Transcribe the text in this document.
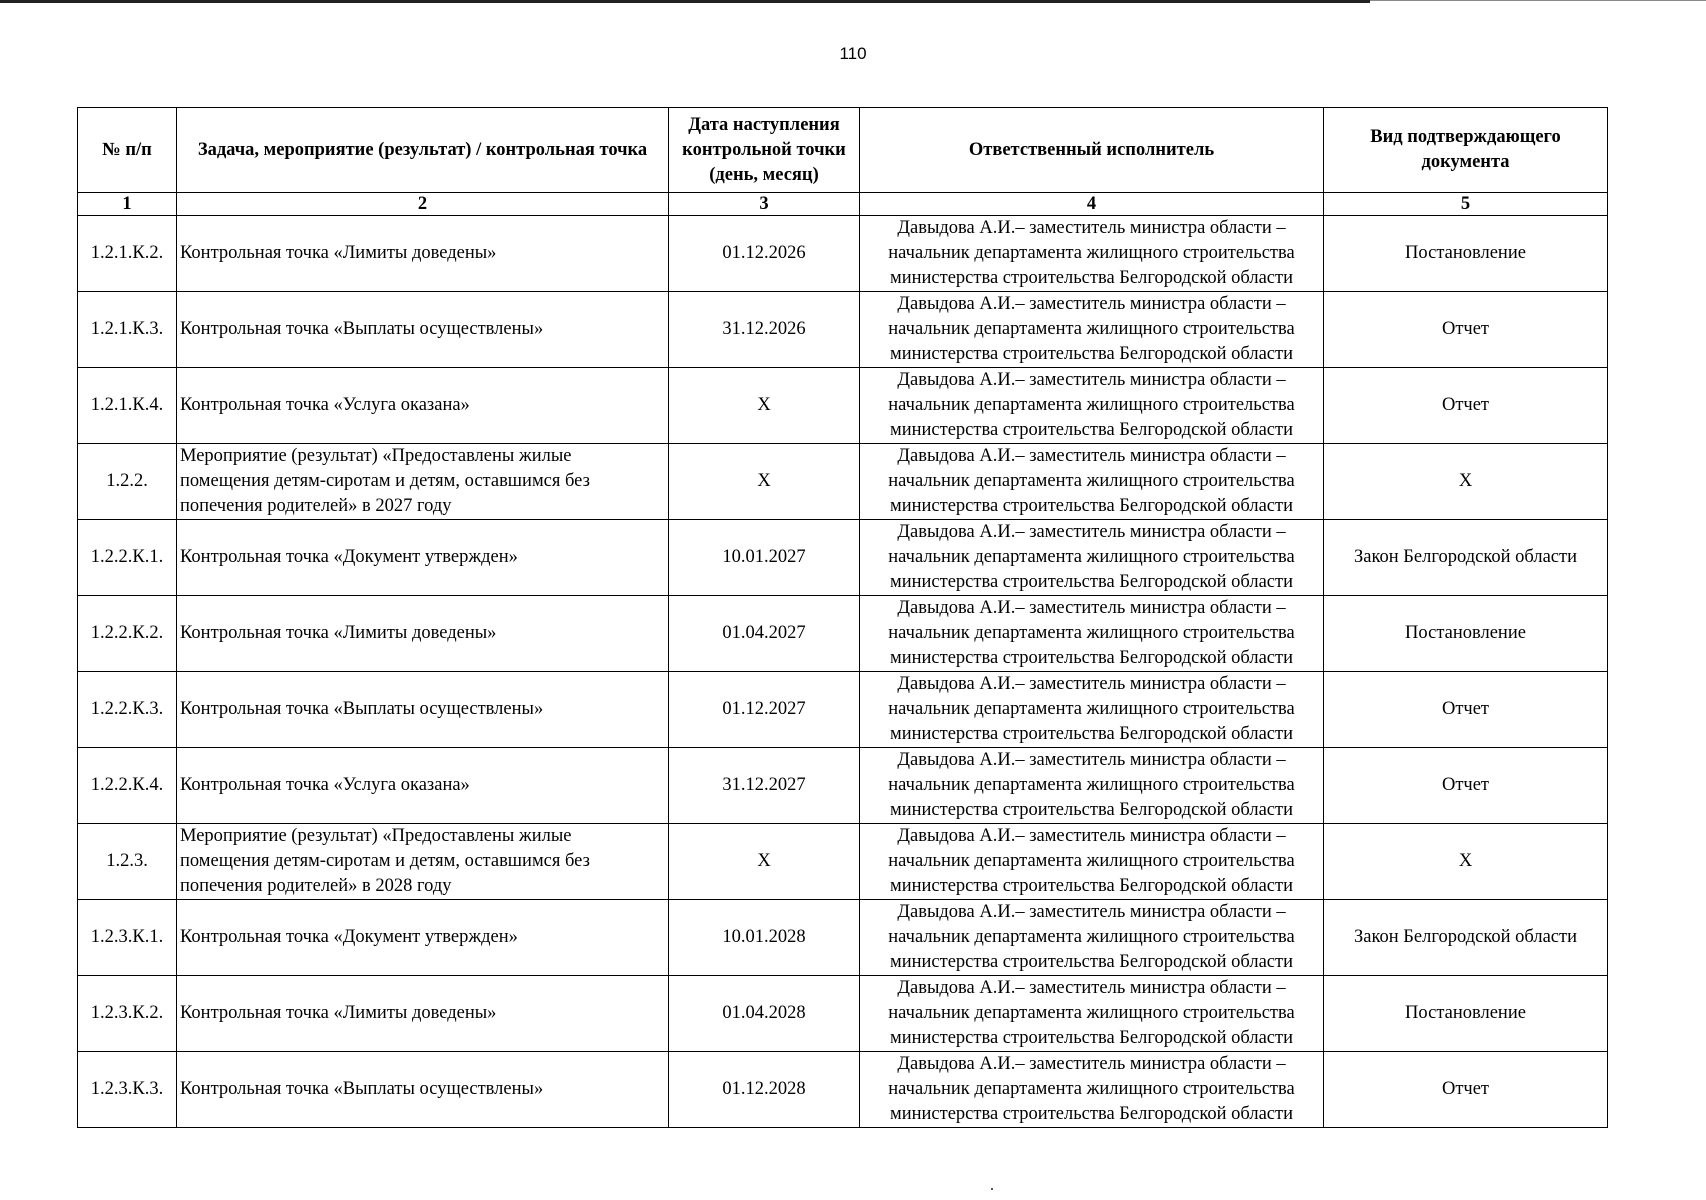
110
№ п/п	Задача, мероприятие (результат) / контрольная точка	Дата наступления контрольной точки (день, месяц)	Ответственный исполнитель	Вид подтверждающего документа
1	2	3	4	5
1.2.1.К.2.	Контрольная точка «Лимиты доведены»	01.12.2026	Давыдова А.И.– заместитель министра области – начальник департамента жилищного строительства министерства строительства Белгородской области	Постановление
1.2.1.К.3.	Контрольная точка «Выплаты осуществлены»	31.12.2026	Давыдова А.И.– заместитель министра области – начальник департамента жилищного строительства министерства строительства Белгородской области	Отчет
1.2.1.К.4.	Контрольная точка «Услуга оказана»	X	Давыдова А.И.– заместитель министра области – начальник департамента жилищного строительства министерства строительства Белгородской области	Отчет
1.2.2.	Мероприятие (результат) «Предоставлены жилые помещения детям-сиротам и детям, оставшимся без попечения родителей» в 2027 году	X	Давыдова А.И.– заместитель министра области – начальник департамента жилищного строительства министерства строительства Белгородской области	X
1.2.2.К.1.	Контрольная точка «Документ утвержден»	10.01.2027	Давыдова А.И.– заместитель министра области – начальник департамента жилищного строительства министерства строительства Белгородской области	Закон Белгородской области
1.2.2.К.2.	Контрольная точка «Лимиты доведены»	01.04.2027	Давыдова А.И.– заместитель министра области – начальник департамента жилищного строительства министерства строительства Белгородской области	Постановление
1.2.2.К.3.	Контрольная точка «Выплаты осуществлены»	01.12.2027	Давыдова А.И.– заместитель министра области – начальник департамента жилищного строительства министерства строительства Белгородской области	Отчет
1.2.2.К.4.	Контрольная точка «Услуга оказана»	31.12.2027	Давыдова А.И.– заместитель министра области – начальник департамента жилищного строительства министерства строительства Белгородской области	Отчет
1.2.3.	Мероприятие (результат) «Предоставлены жилые помещения детям-сиротам и детям, оставшимся без попечения родителей» в 2028 году	X	Давыдова А.И.– заместитель министра области – начальник департамента жилищного строительства министерства строительства Белгородской области	X
1.2.3.К.1.	Контрольная точка «Документ утвержден»	10.01.2028	Давыдова А.И.– заместитель министра области – начальник департамента жилищного строительства министерства строительства Белгородской области	Закон Белгородской области
1.2.3.К.2.	Контрольная точка «Лимиты доведены»	01.04.2028	Давыдова А.И.– заместитель министра области – начальник департамента жилищного строительства министерства строительства Белгородской области	Постановление
1.2.3.К.3.	Контрольная точка «Выплаты осуществлены»	01.12.2028	Давыдова А.И.– заместитель министра области – начальник департамента жилищного строительства министерства строительства Белгородской области	Отчет
